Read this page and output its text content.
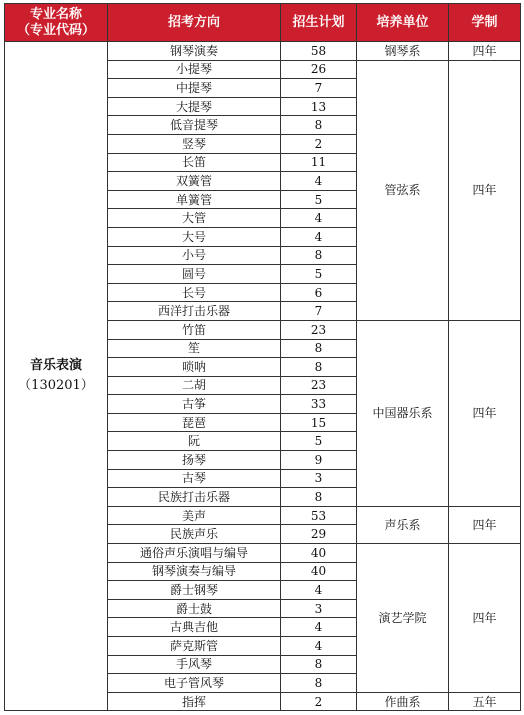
专业名称
（专业代码）	招考方向	招生计划	培养单位	学制

音乐表演
（130201）	钢琴演奏	58	钢琴系	四年
	小提琴	26	管弦系	四年
	中提琴	7		
	大提琴	13		
	低音提琴	8		
	竖琴	2		
	长笛	11		
	双簧管	4		
	单簧管	5		
	大管	4		
	大号	4		
	小号	8		
	圆号	5		
	长号	6		
	西洋打击乐器	7		
	竹笛	23	中国器乐系	四年
	笙	8		
	唢呐	8		
	二胡	23		
	古筝	33		
	琵琶	15		
	阮	5		
	扬琴	9		
	古琴	3		
	民族打击乐器	8		
	美声	53	声乐系	四年
	民族声乐	29		
	通俗声乐演唱与编导	40	演艺学院	四年
	钢琴演奏与编导	40		
	爵士钢琴	4		
	爵士鼓	3		
	古典吉他	4		
	萨克斯管	4		
	手风琴	8		
	电子管风琴	8		
	指挥	2	作曲系	五年
